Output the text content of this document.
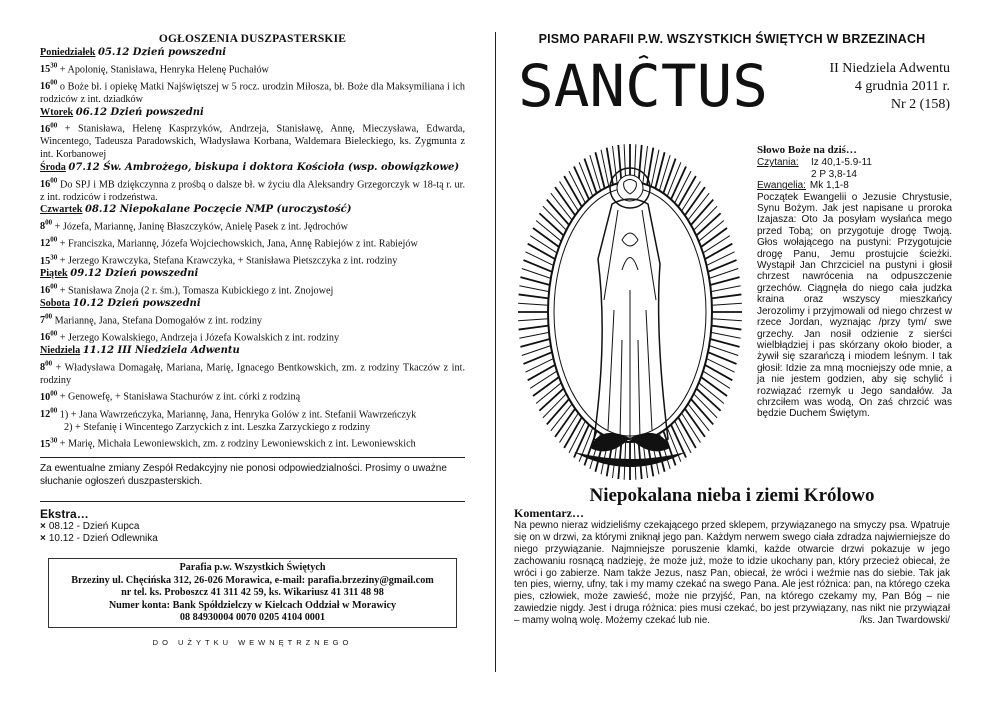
OGŁOSZENIA DUSZPASTERSKIE
Poniedziałek 05.12 Dzień powszedni

$15^{30}$ + Apolonię, Stanisława, Henryka Helenę Puchałów

$16^{00}$ o Boże bł. i opiekę Matki Najświętszej w 5 rocz. urodzin Miłosza, bł. Boże dla Maksymiliana i ich rodziców z int. dziadków

Wtorek 06.12 Dzień powszedni

$16^{00}$ + Stanisława, Helenę Kasprzyków, Andrzeja, Stanisławę, Annę, Mieczysława, Edwarda, Wincentego, Tadeusza Paradowskich, Władysława Korbana, Waldemara Bieleckiego, ks. Zygmunta z int. Korbanowej

Środa 07.12 Św. Ambrożego, biskupa i doktora Kościoła (wsp. obowiązkowe)

$16^{00}$ Do SPJ i MB dziękczynna z prośbą o dalsze bł. w życiu dla Aleksandry Grzegorczyk w 18-tą r. ur. z int. rodziców i rodzeństwa.

Czwartek 08.12 Niepokalane Poczęcie NMP (uroczystość)

$8^{00}$ + Józefa, Mariannę, Janinę Błaszczyków, Anielę Pasek z int. Jędrochów

$12^{00}$ + Franciszka, Mariannę, Józefa Wojciechowskich, Jana, Annę Rabiejów z int. Rabiejów

$15^{30}$ + Jerzego Krawczyka, Stefana Krawczyka, + Stanisława Pietszczyka z int. rodziny

Piątek 09.12 Dzień powszedni

$16^{00}$ + Stanisława Znoja (2 r. śm.), Tomasza Kubickiego z int. Znojowej

Sobota 10.12 Dzień powszedni

$7^{00}$ Mariannę, Jana, Stefana Domogałów z int. rodziny

$16^{00}$ + Jerzego Kowalskiego, Andrzeja i Józefa Kowalskich z int. rodziny

Niedziela 11.12 III Niedziela Adwentu

$8^{00}$ + Władysława Domagałę, Mariana, Marię, Ignacego Bentkowskich, zm. z rodziny Tkaczów z int. rodziny

$10^{00}$ + Genowefę, + Stanisława Stachurów z int. córki z rodziną

$12^{00}$ 1) + Jana Wawrzeńczyka, Mariannę, Jana, Henryka Golów z int. Stefanii Wawrzeńczyk

2) + Stefanię i Wincentego Zarzyckich z int. Leszka Zarzyckiego z rodziny

$15^{30}$ + Marię, Michała Lewoniewskich, zm. z rodziny Lewoniewskich z int. Lewoniewskich

Za ewentualne zmiany Zespół Redakcyjny nie ponosi odpowiedzialności. Prosimy o uważne słuchanie ogłoszeń duszpasterskich.
Ekstra…
× 08.12 - Dzień Kupca
× 10.12 - Dzień Odlewnika
Parafia p.w. Wszystkich Świętych
Brzeziny ul. Chęcińska 312, 26-026 Morawica, e-mail: parafia.brzeziny@gmail.com
nr tel. ks. Proboszcz 41 311 42 59, ks. Wikariusz 41 311 48 98
Numer konta: Bank Spółdzielczy w Kielcach Oddział w Morawicy
08 84930004 0070 0205 4104 0001
DO UŻYTKU WEWNĘTRZNEGO
PISMO PARAFII P.W. WSZYSTKICH ŚWIĘTYCH W BRZEZINACH
SANCTUS	II Niedziela Adwentu
4 grudnia 2011 r.
Nr 2 (158)
Słowo Boże na dziś…
Czytania:	Iz 40,1-5.9-11
2 P 3,8-14
Ewangelia: Mk 1,1-8
Początek Ewangelii o Jezusie Chrystusie, Synu Bożym. Jak jest napisane u proroka Izajasza: Oto Ja posyłam wysłańca mego przed Tobą; on przygotuje drogę Twoją. Głos wołającego na pustyni: Przygotujcie drogę Panu, Jemu prostujcie ścieżki. Wystąpił Jan Chrzciciel na pustyni i głosił chrzest nawrócenia na odpuszczenie grzechów. Ciągnęła do niego cała judzka kraina oraz wszyscy mieszkańcy Jerozolimy i przyjmowali od niego chrzest w rzece Jordan, wyznając /przy tym/ swe grzechy. Jan nosił odzienie z sierści wielbłądziej i pas skórzany około bioder, a żywił się szarańczą i miodem leśnym. I tak głosił: Idzie za mną mocniejszy ode mnie, a ja nie jestem godzien, aby się schylić i rozwiązać rzemyk u Jego sandałów. Ja chrzciłem was wodą, On zaś chrzcić was będzie Duchem Świętym.
Niepokalana nieba i ziemi Królowo
Komentarz…
Na pewno nieraz widzieliśmy czekającego przed sklepem, przywiązanego na smyczy psa. Wpatruje się on w drzwi, za którymi zniknął jego pan. Każdym nerwem swego ciała zdradza najwierniejsze do niego przywiązanie. Najmniejsze poruszenie klamki, każde otwarcie drzwi pokazuje w jego zachowaniu rosnącą nadzieję, że może już, może to idzie ukochany pan, który przecież obiecał, że wróci i go zabierze. Nam także Jezus, nasz Pan, obiecał, że wróci i weźmie nas do siebie. Tak jak ten pies, wierny, ufny, tak i my mamy czekać na swego Pana. Ale jest różnica: pan, na którego czeka pies, człowiek, może zawieść, może nie przyjść, Pan, na którego czekamy my, Pan Bóg – nie zawiedzie nigdy. Jest i druga różnica: pies musi czekać, bo jest przywiązany, nas nikt nie przywiązał – mamy wolną wolę. Możemy czekać lub nie.	/ks. Jan Twardowski/
